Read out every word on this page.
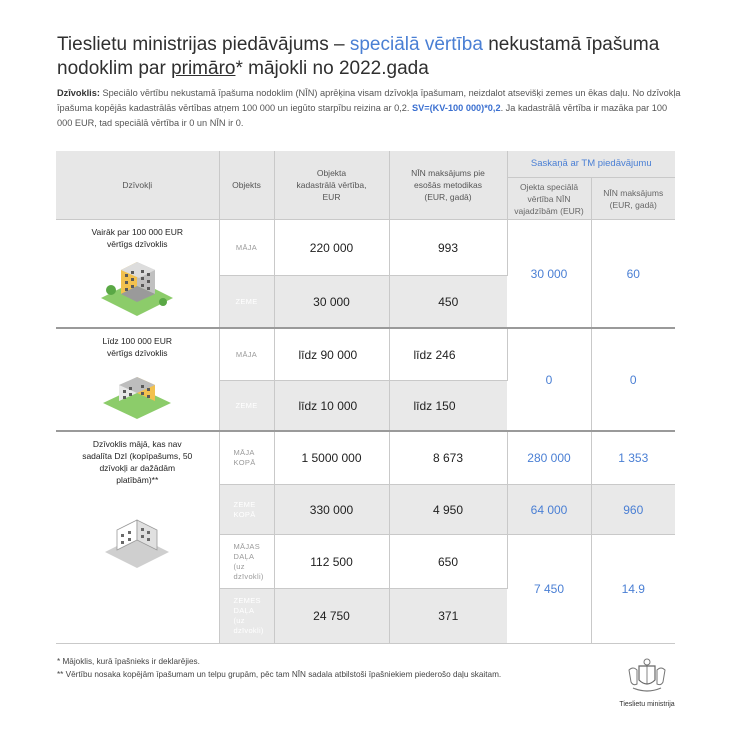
Tieslietu ministrijas piedāvājums – speciālā vērtība nekustamā īpašuma nodoklim par primāro* mājokli no 2022.gada
Dzīvoklis: Speciālo vērtību nekustamā īpašuma nodoklim (NĪN) aprēķina visam dzīvokļa īpašumam, neizdalot atsevišķi zemes un ēkas daļu. No dzīvokļa īpašuma kopējās kadastrālās vērtības atņem 100 000 un iegūto starpību reizina ar 0,2. SV=(KV-100 000)*0,2. Ja kadastrālā vērtība ir mazāka par 100 000 EUR, tad speciālā vērtība ir 0 un NĪN ir 0.
Dzīvokļi	Objekts	Objekta kadastrālā vērtība, EUR	NĪN maksājums pie esošās metodikas (EUR, gadā)	Saskaņā ar TM piedāvājumu	
				Ojekta speciālā vērtība NĪN vajadzībām (EUR)	NĪN maksājums (EUR, gadā)

Vairāk par 100 000 EUR vērtīgs dzīvoklis	MĀJA	220 000	993	30 000	60
	ZEME	30 000	450		

Līdz 100 000 EUR vērtīgs dzīvoklis	MĀJA	līdz 90 000	līdz 246	0	0
	ZEME	līdz 10 000	līdz 150		

Dzīvoklis mājā, kas nav sadalīta DzI (kopīpašums, 50 dzīvokļi ar dažādām platībām)**	MĀJA KOPĀ	1 5000 000	8 673	280 000	1 353
	ZEME KOPĀ	330 000	4 950	64 000	960
	MĀJAS DAĻA (uz dzīvokli)	112 500	650	7 450	14.9
	ZEMES DAĻA (uz dzīvokli)	24 750	371		
* Mājoklis, kurā īpašnieks ir deklarējies.
** Vērtību nosaka kopējām īpašumam un telpu grupām, pēc tam NĪN sadala atbilstoši īpašniekiem piederošo daļu skaitam.
Tieslietu ministrija
